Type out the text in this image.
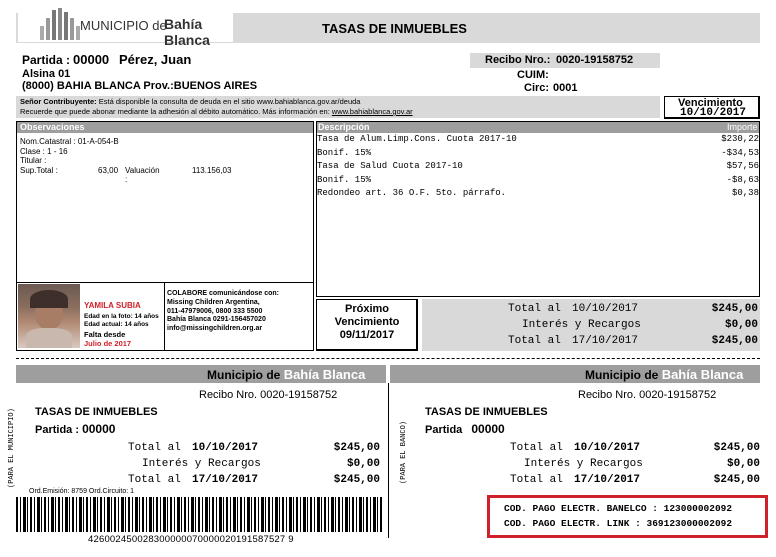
MUNICIPIO de
Bahía Blanca
TASAS DE INMUEBLES
Partida : 00000 Pérez, Juan
Alsina 01
(8000) BAHIA BLANCA Prov.:BUENOS AIRES
Recibo Nro.: 0020-19158752
CUIM:
Circ: 0001
Señor Contribuyente: Está disponible la consulta de deuda en el sitio www.bahiablanca.gov.ar/deuda
Recuerde que puede abonar mediante la adhesión al débito automático. Más información en: www.bahiablanca.gov.ar
Vencimiento
10/10/2017
Observaciones
Nom.Catastral : 01-A-054-B
Clase : 1 - 16
Titular :
Sup.Total :	63,00 Valuación :
113.156,03
YAMILA SUBIA
Edad en la foto: 14 años
Edad actual: 14 años
Falta desde
Julio de 2017
COLABORE comunicándose con:
Missing Children Argentina,
011-47979006, 0800 333 5500
Bahía Blanca 0291-156457020
info@missingchildren.org.ar
Descripción	Importe
Tasa de Alum.Limp.Cons. Cuota 2017-10	$230,22
Bonif. 15%	-$34,53
Tasa de Salud Cuota 2017-10	$57,56
Bonif. 15%	-$8,63
Redondeo art. 36 O.F. 5to. párrafo.	$0,38
Próximo
Vencimiento
09/11/2017
Total al 10/10/2017	$245,00
Interés y Recargos	$0,00
Total al 17/10/2017	$245,00
Municipio de Bahía Blanca	Municipio de Bahía Blanca
(PARA EL MUNICIPIO)
Recibo Nro. 0020-19158752
TASAS DE INMUEBLES
Partida : 00000
Total al 10/10/2017	$245,00
Interés y Recargos	$0,00
Total al 17/10/2017	$245,00
Ord.Emisión: 8759 Ord.Circuito: 1
426002450028300000070000020191587527 9
(PARA EL BANCO)
Recibo Nro. 0020-19158752
TASAS DE INMUEBLES
Partida 00000
Total al 10/10/2017	$245,00
Interés y Recargos	$0,00
Total al 17/10/2017	$245,00
COD. PAGO ELECTR. BANELCO : 123000002092
COD. PAGO ELECTR. LINK : 369123000002092
